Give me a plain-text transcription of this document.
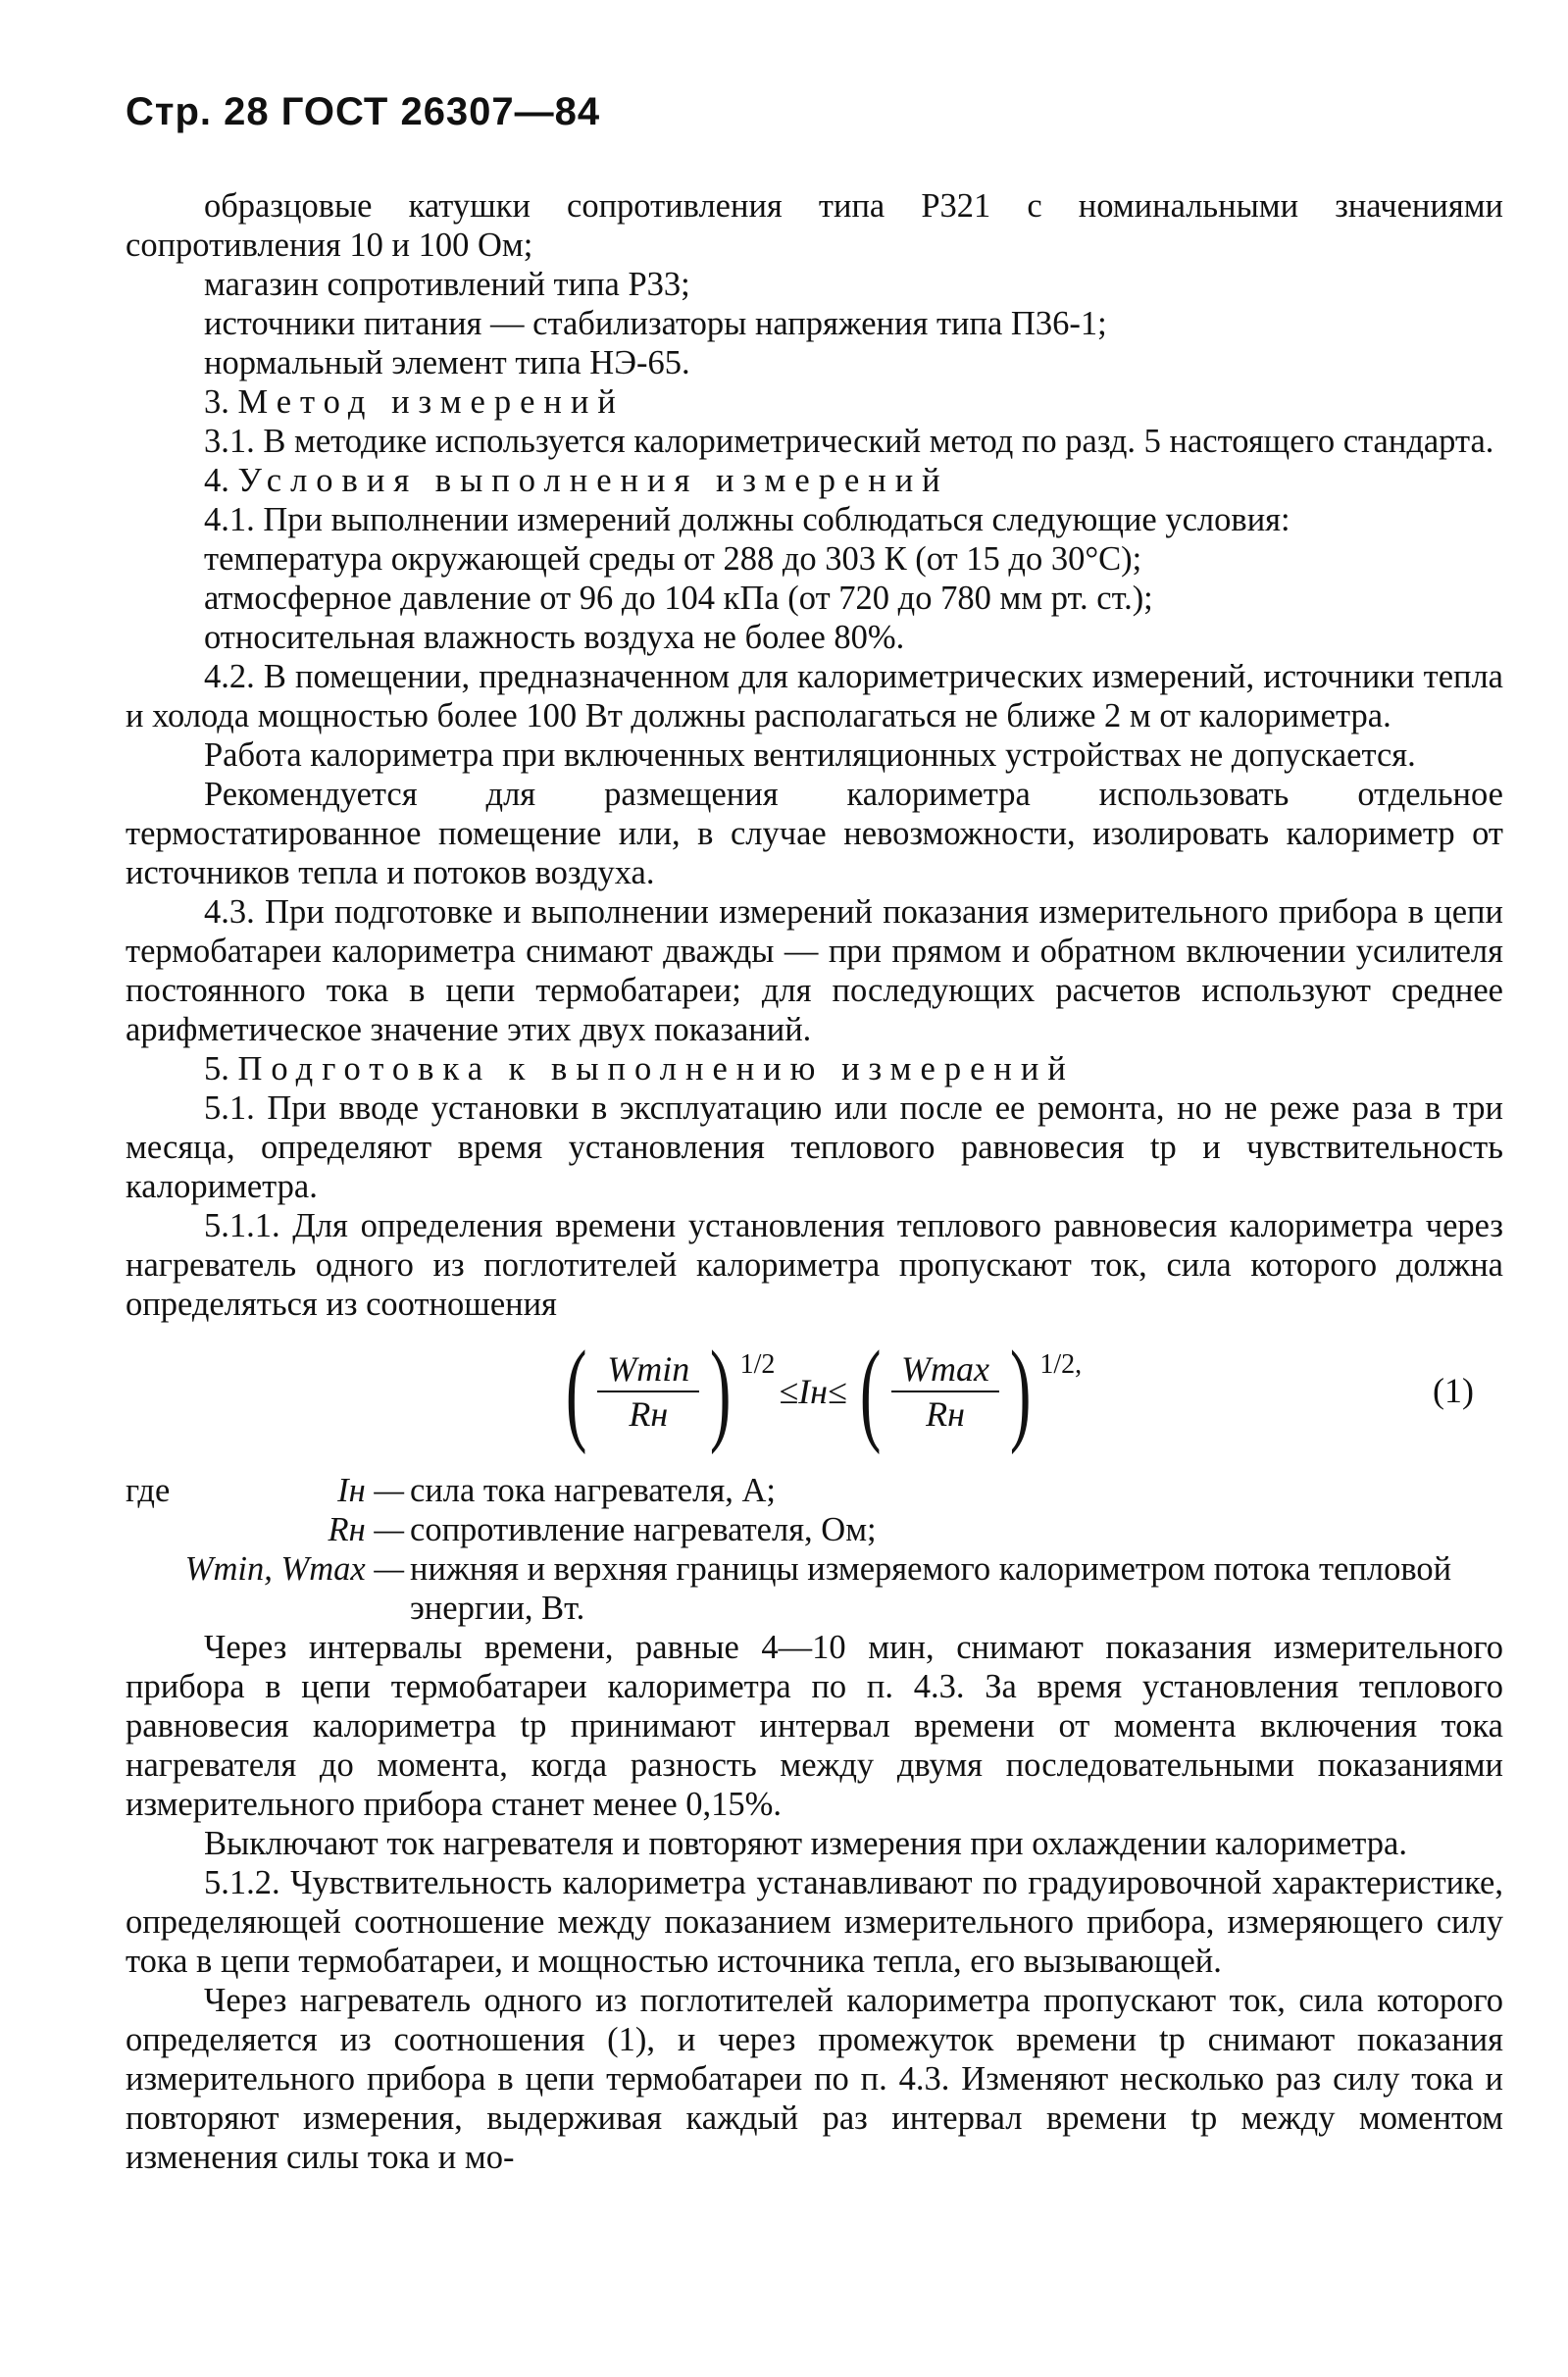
Стр. 28 ГОСТ 26307—84

образцовые катушки сопротивления типа Р321 с номинальными значениями сопротивления 10 и 100 Ом;

магазин сопротивлений типа Р33;

источники питания — стабилизаторы напряжения типа П36-1;

нормальный элемент типа НЭ-65.

3. Метод измерений

3.1. В методике используется калориметрический метод по разд. 5 настоящего стандарта.

4. Условия выполнения измерений

4.1. При выполнении измерений должны соблюдаться следующие условия:

температура окружающей среды от 288 до 303 К (от 15 до 30°С);

атмосферное давление от 96 до 104 кПа (от 720 до 780 мм рт. ст.);

относительная влажность воздуха не более 80%.

4.2. В помещении, предназначенном для калориметрических измерений, источники тепла и холода мощностью более 100 Вт должны располагаться не ближе 2 м от калориметра.

Работа калориметра при включенных вентиляционных устройствах не допускается.

Рекомендуется для размещения калориметра использовать отдельное термостатированное помещение или, в случае невозможности, изолировать калориметр от источников тепла и потоков воздуха.

4.3. При подготовке и выполнении измерений показания измерительного прибора в цепи термобатареи калориметра снимают дважды — при прямом и обратном включении усилителя постоянного тока в цепи термобатареи; для последующих расчетов используют среднее арифметическое значение этих двух показаний.

5. Подготовка к выполнению измерений

5.1. При вводе установки в эксплуатацию или после ее ремонта, но не реже раза в три месяца, определяют время установления теплового равновесия tр и чувствительность калориметра.

5.1.1. Для определения времени установления теплового равновесия калориметра через нагреватель одного из поглотителей калориметра пропускают ток, сила которого должна определяться из соотношения

( $\frac{Wmin}{Rн}$ ) 1/2
≤Iн≤ ( $\frac{Wmax}{Rн}$ ) 1/2,
(1)
где	Iн — сила тока нагревателя, А;
Rн — сопротивление нагревателя, Ом;
Wmin, Wmax — нижняя и верхняя границы измеряемого калориметром потока тепловой энергии, Вт.

Через интервалы времени, равные 4—10 мин, снимают показания измерительного прибора в цепи термобатареи калориметра по п. 4.3. За время установления теплового равновесия калориметра tр принимают интервал времени от момента включения тока нагревателя до момента, когда разность между двумя последовательными показаниями измерительного прибора станет менее 0,15%.

Выключают ток нагревателя и повторяют измерения при охлаждении калориметра.

5.1.2. Чувствительность калориметра устанавливают по градуировочной характеристике, определяющей соотношение между показанием измерительного прибора, измеряющего силу тока в цепи термобатареи, и мощностью источника тепла, его вызывающей.

Через нагреватель одного из поглотителей калориметра пропускают ток, сила которого определяется из соотношения (1), и через промежуток времени tр снимают показания измерительного прибора в цепи термобатареи по п. 4.3. Изменяют несколько раз силу тока и повторяют измерения, выдерживая каждый раз интервал времени tр между моментом изменения силы тока и мо-
